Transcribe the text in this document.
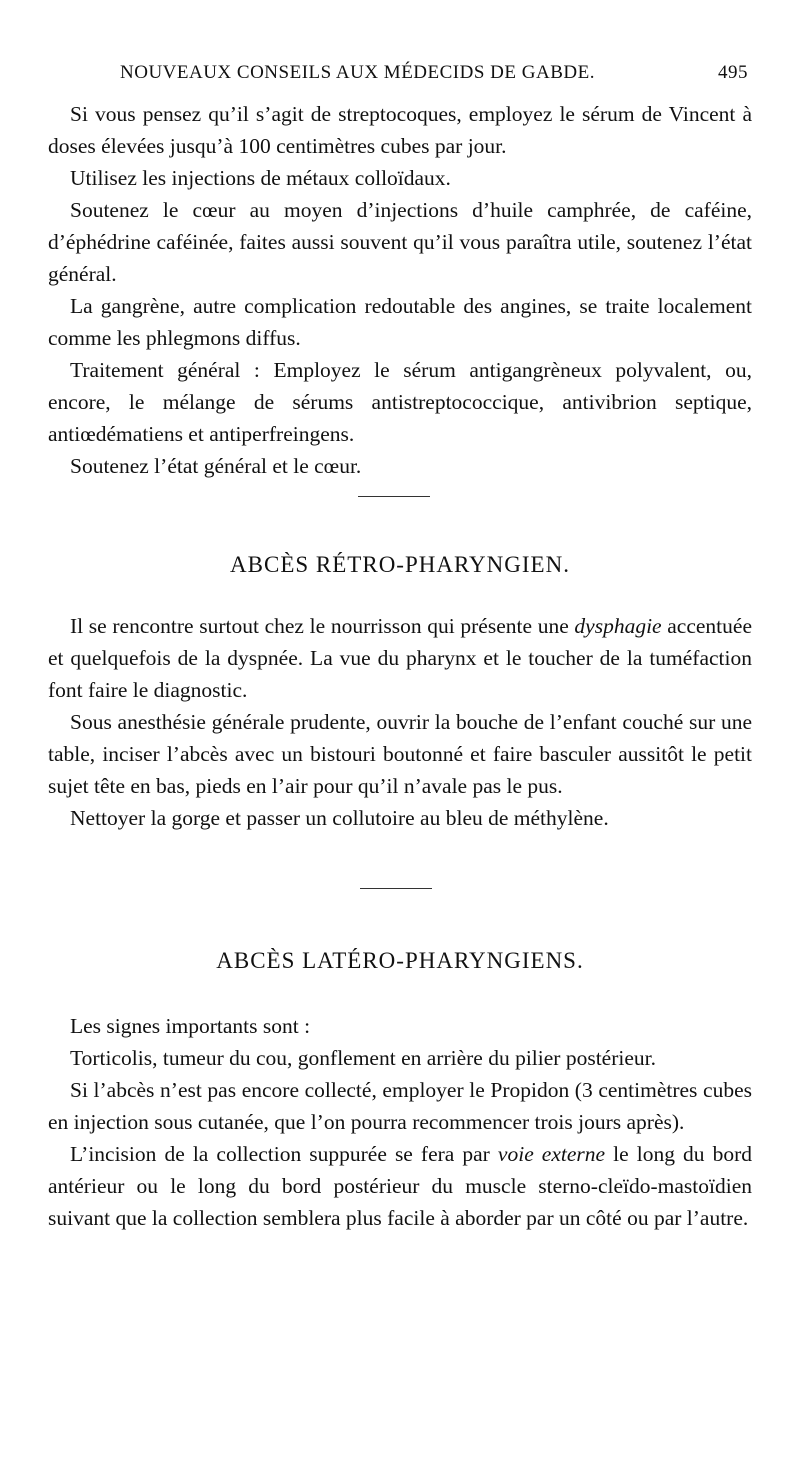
NOUVEAUX CONSEILS AUX MÉDECIDS DE GABDE.	495

Si vous pensez qu’il s’agit de streptocoques, employez le sérum de Vincent à doses élevées jusqu’à 100 centimètres cubes par jour.

Utilisez les injections de métaux colloïdaux.

Soutenez le cœur au moyen d’injections d’huile camphrée, de caféine, d’éphédrine caféinée, faites aussi souvent qu’il vous paraîtra utile, soutenez l’état général.

La gangrène, autre complication redoutable des angines, se traite localement comme les phlegmons diffus.

Traitement général : Employez le sérum antigangrèneux polyvalent, ou, encore, le mélange de sérums antistreptococcique, antivibrion septique, antiœdématiens et antiperfreingens.

Soutenez l’état général et le cœur.

ABCÈS RÉTRO-PHARYNGIEN.

Il se rencontre surtout chez le nourrisson qui présente une dysphagie accentuée et quelquefois de la dyspnée. La vue du pharynx et le toucher de la tuméfaction font faire le diagnostic.

Sous anesthésie générale prudente, ouvrir la bouche de l’enfant couché sur une table, inciser l’abcès avec un bistouri boutonné et faire basculer aussitôt le petit sujet tête en bas, pieds en l’air pour qu’il n’avale pas le pus.

Nettoyer la gorge et passer un collutoire au bleu de méthylène.

ABCÈS LATÉRO-PHARYNGIENS.

Les signes importants sont :

Torticolis, tumeur du cou, gonflement en arrière du pilier postérieur.

Si l’abcès n’est pas encore collecté, employer le Propidon (3 centimètres cubes en injection sous cutanée, que l’on pourra recommencer trois jours après).

L’incision de la collection suppurée se fera par voie externe le long du bord antérieur ou le long du bord postérieur du muscle sterno-cleïdo-mastoïdien suivant que la collection semblera plus facile à aborder par un côté ou par l’autre.
